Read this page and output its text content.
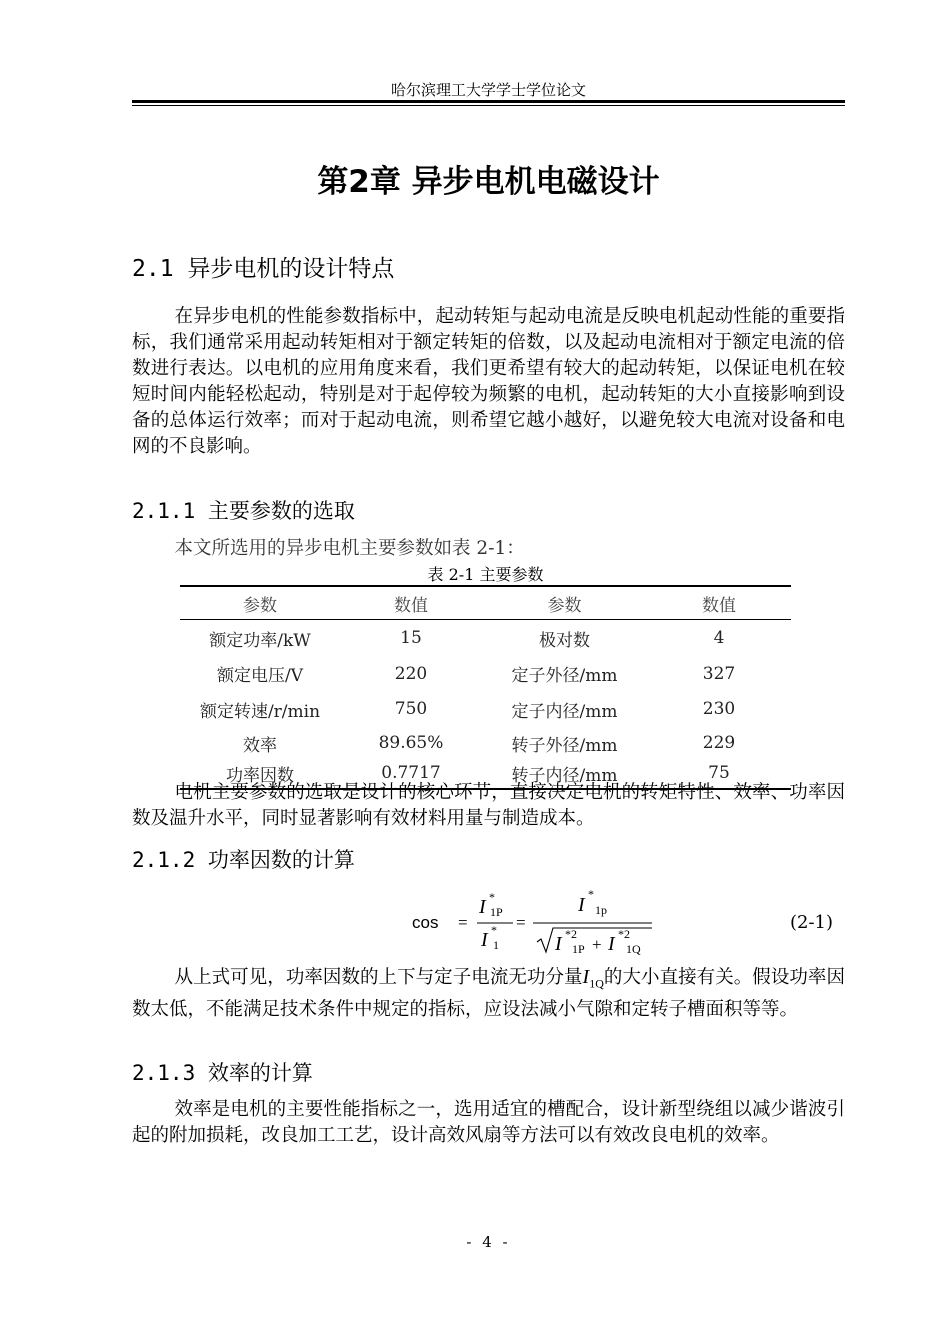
哈尔滨理工大学学士学位论文
第2章 异步电机电磁设计
2.1 异步电机的设计特点
在异步电机的性能参数指标中，起动转矩与起动电流是反映电机起动性能的重要指标，我们通常采用起动转矩相对于额定转矩的倍数，以及起动电流相对于额定电流的倍数进行表达。以电机的应用角度来看，我们更希望有较大的起动转矩，以保证电机在较短时间内能轻松起动，特别是对于起停较为频繁的电机，起动转矩的大小直接影响到设备的总体运行效率；而对于起动电流，则希望它越小越好，以避免较大电流对设备和电网的不良影响。
2.1.1 主要参数的选取
本文所选用的异步电机主要参数如表 2-1：
表 2-1 主要参数
参数	数值	参数	数值
额定功率/kW	15	极对数	4
额定电压/V	220	定子外径/mm	327
额定转速/r/min	750	定子内径/mm	230
效率	89.65%	转子外径/mm	229
功率因数	0.7717	转子内径/mm	75
电机主要参数的选取是设计的核心环节，直接决定电机的转矩特性、效率、功率因数及温升水平，同时显著影响有效材料用量与制造成本。
2.1.2 功率因数的计算
cos =
I *
1P
I *
1
=
I *
1p
I *2
1P + I *2
1Q
(2-1)
从上式可见，功率因数的上下与定子电流无功分量$I_{1Q}$的大小直接有关。假设功率因数太低，不能满足技术条件中规定的指标，应设法减小气隙和定转子槽面积等等。
2.1.3 效率的计算
效率是电机的主要性能指标之一，选用适宜的槽配合，设计新型绕组以减少谐波引起的附加损耗，改良加工工艺，设计高效风扇等方法可以有效改良电机的效率。
- 4 -
